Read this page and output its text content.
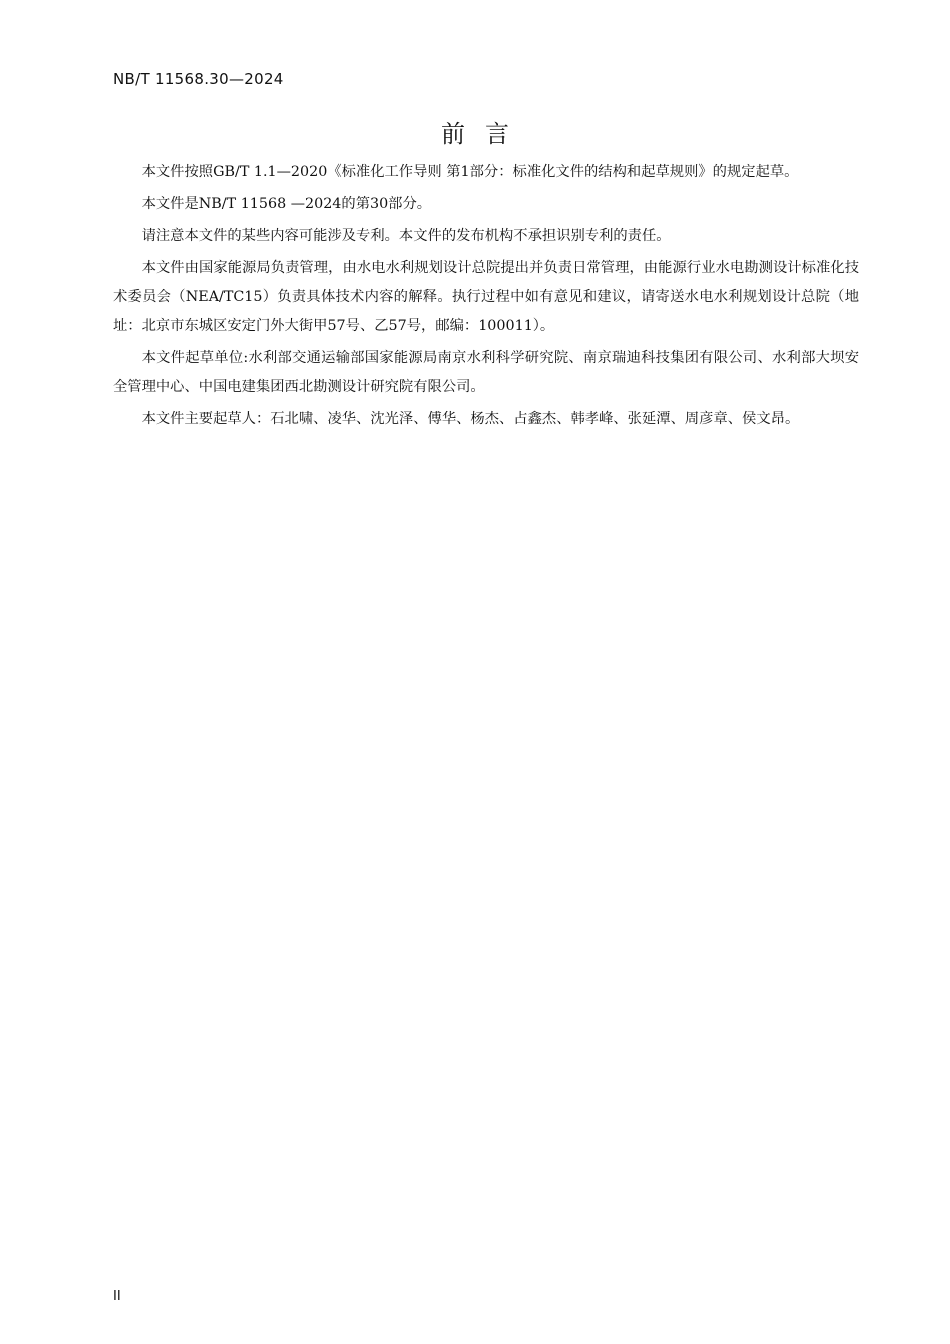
NB/T 11568.30—2024
前言

本文件按照GB/T 1.1—2020《标准化工作导则 第1部分：标准化文件的结构和起草规则》的规定起草。

本文件是NB/T 11568 —2024的第30部分。

请注意本文件的某些内容可能涉及专利。本文件的发布机构不承担识别专利的责任。

本文件由国家能源局负责管理，由水电水利规划设计总院提出并负责日常管理，由能源行业水电勘测设计标准化技术委员会（NEA/TC15）负责具体技术内容的解释。执行过程中如有意见和建议，请寄送水电水利规划设计总院（地址：北京市东城区安定门外大街甲57号、乙57号，邮编：100011）。

本文件起草单位:水利部交通运输部国家能源局南京水利科学研究院、南京瑞迪科技集团有限公司、水利部大坝安全管理中心、中国电建集团西北勘测设计研究院有限公司。

本文件主要起草人：石北啸、凌华、沈光泽、傅华、杨杰、占鑫杰、韩孝峰、张延潭、周彦章、侯文昂。

II
